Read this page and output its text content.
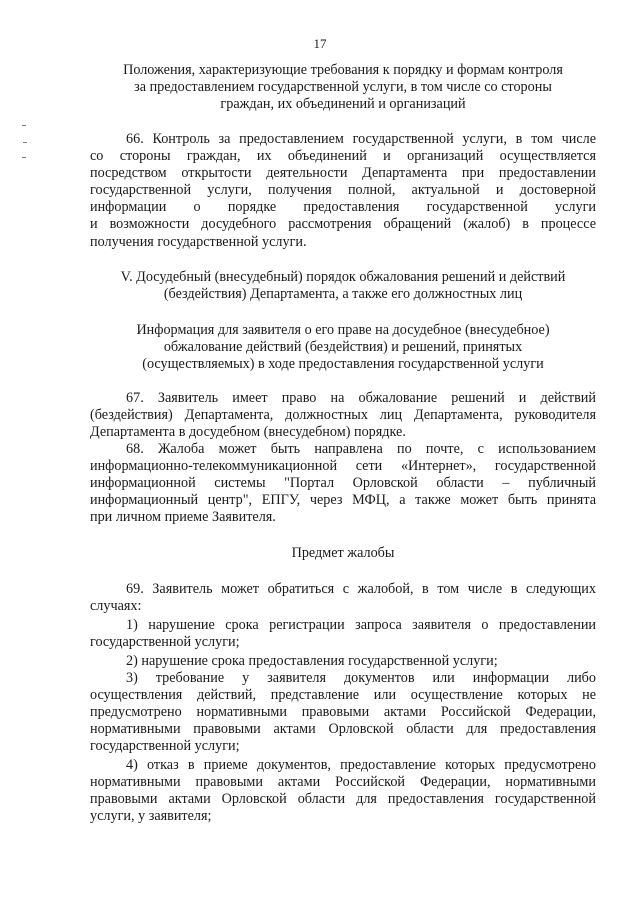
17
Положения, характеризующие требования к порядку и формам контроля
за предоставлением государственной услуги, в том числе со стороны
граждан, их объединений и организаций
66. Контроль за предоставлением государственной услуги, в том числе
со стороны граждан, их объединений и организаций осуществляется
посредством открытости деятельности Департамента при предоставлении
государственной услуги, получения полной, актуальной и достоверной
информации о порядке предоставления государственной услуги
и возможности досудебного рассмотрения обращений (жалоб) в процессе
получения государственной услуги.
V. Досудебный (внесудебный) порядок обжалования решений и действий
(бездействия) Департамента, а также его должностных лиц
Информация для заявителя о его праве на досудебное (внесудебное)
обжалование действий (бездействия) и решений, принятых
(осуществляемых) в ходе предоставления государственной услуги
67. Заявитель имеет право на обжалование решений и действий
(бездействия) Департамента, должностных лиц Департамента, руководителя
Департамента в досудебном (внесудебном) порядке.
68. Жалоба может быть направлена по почте, с использованием
информационно-телекоммуникационной сети «Интернет», государственной
информационной системы "Портал Орловской области – публичный
информационный центр", ЕПГУ, через МФЦ, а также может быть принята
при личном приеме Заявителя.
Предмет жалобы
69. Заявитель может обратиться с жалобой, в том числе в следующих
случаях:
1) нарушение срока регистрации запроса заявителя о предоставлении
государственной услуги;
2) нарушение срока предоставления государственной услуги;
3) требование у заявителя документов или информации либо
осуществления действий, представление или осуществление которых не
предусмотрено нормативными правовыми актами Российской Федерации,
нормативными правовыми актами Орловской области для предоставления
государственной услуги;
4) отказ в приеме документов, предоставление которых предусмотрено
нормативными правовыми актами Российской Федерации, нормативными
правовыми актами Орловской области для предоставления государственной
услуги, у заявителя;
